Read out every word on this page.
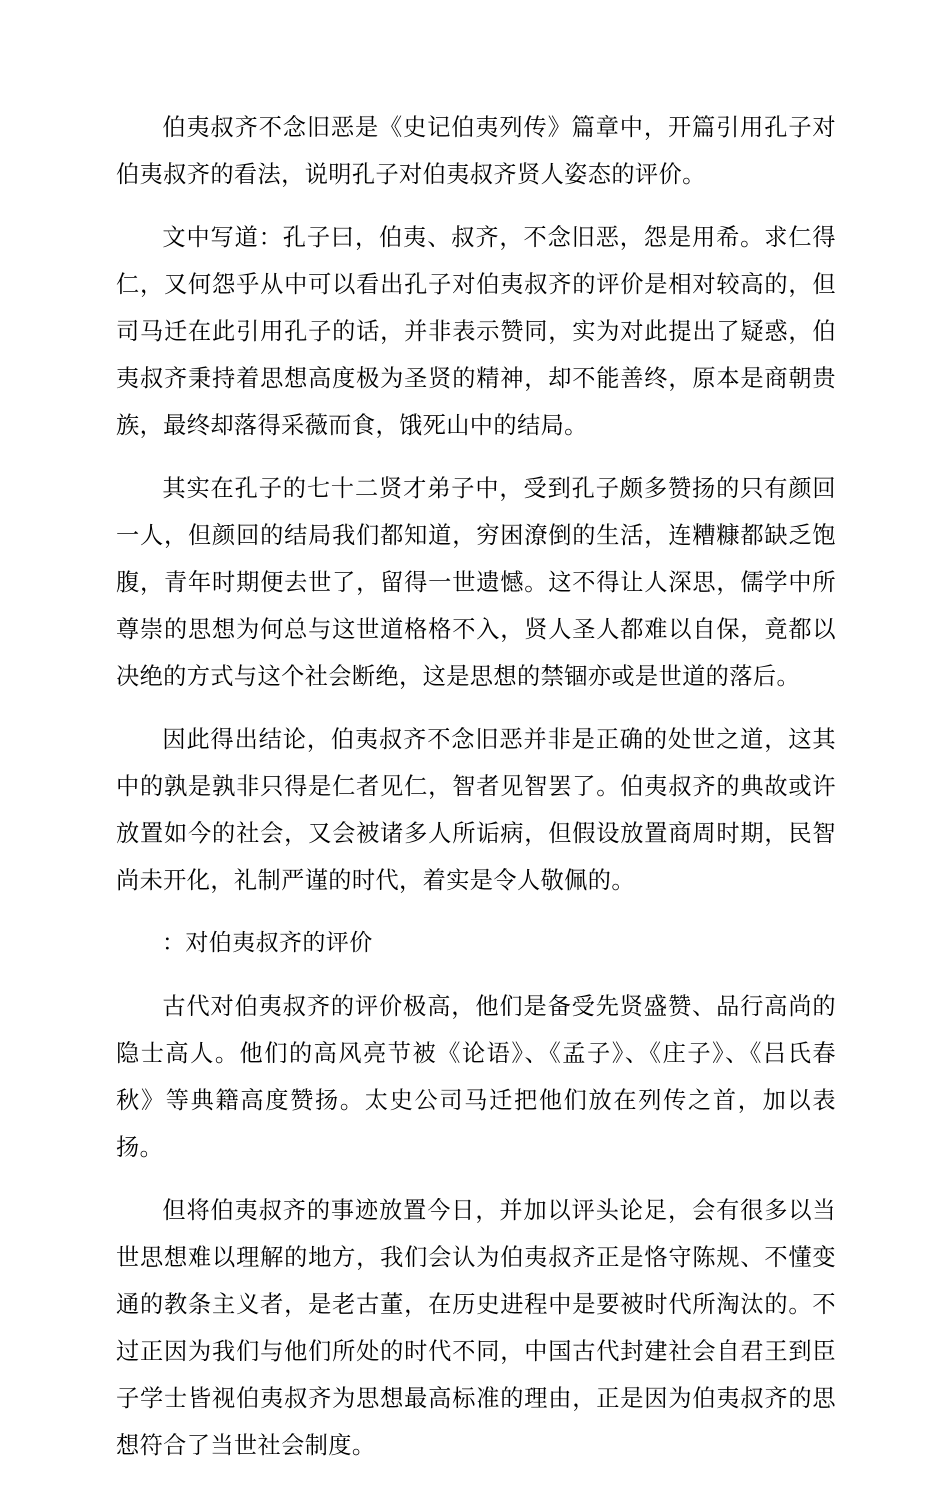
伯夷叔齐不念旧恶是《史记伯夷列传》篇章中，开篇引用孔子对伯夷叔齐的看法，说明孔子对伯夷叔齐贤人姿态的评价。

文中写道：孔子曰，伯夷、叔齐，不念旧恶，怨是用希。求仁得仁，又何怨乎从中可以看出孔子对伯夷叔齐的评价是相对较高的，但司马迁在此引用孔子的话，并非表示赞同，实为对此提出了疑惑，伯夷叔齐秉持着思想高度极为圣贤的精神，却不能善终，原本是商朝贵族，最终却落得采薇而食，饿死山中的结局。

其实在孔子的七十二贤才弟子中，受到孔子颇多赞扬的只有颜回一人，但颜回的结局我们都知道，穷困潦倒的生活，连糟糠都缺乏饱腹，青年时期便去世了，留得一世遗憾。这不得让人深思，儒学中所尊崇的思想为何总与这世道格格不入，贤人圣人都难以自保，竟都以决绝的方式与这个社会断绝，这是思想的禁锢亦或是世道的落后。

因此得出结论，伯夷叔齐不念旧恶并非是正确的处世之道，这其中的孰是孰非只得是仁者见仁，智者见智罢了。伯夷叔齐的典故或许放置如今的社会，又会被诸多人所诟病，但假设放置商周时期，民智尚未开化，礼制严谨的时代，着实是令人敬佩的。

：对伯夷叔齐的评价

古代对伯夷叔齐的评价极高，他们是备受先贤盛赞、品行高尚的隐士高人。他们的高风亮节被《论语》、《孟子》、《庄子》、《吕氏春秋》等典籍高度赞扬。太史公司马迁把他们放在列传之首，加以表扬。

但将伯夷叔齐的事迹放置今日，并加以评头论足，会有很多以当世思想难以理解的地方，我们会认为伯夷叔齐正是恪守陈规、不懂变通的教条主义者，是老古董，在历史进程中是要被时代所淘汰的。不过正因为我们与他们所处的时代不同，中国古代封建社会自君王到臣子学士皆视伯夷叔齐为思想最高标准的理由，正是因为伯夷叔齐的思想符合了当世社会制度。
